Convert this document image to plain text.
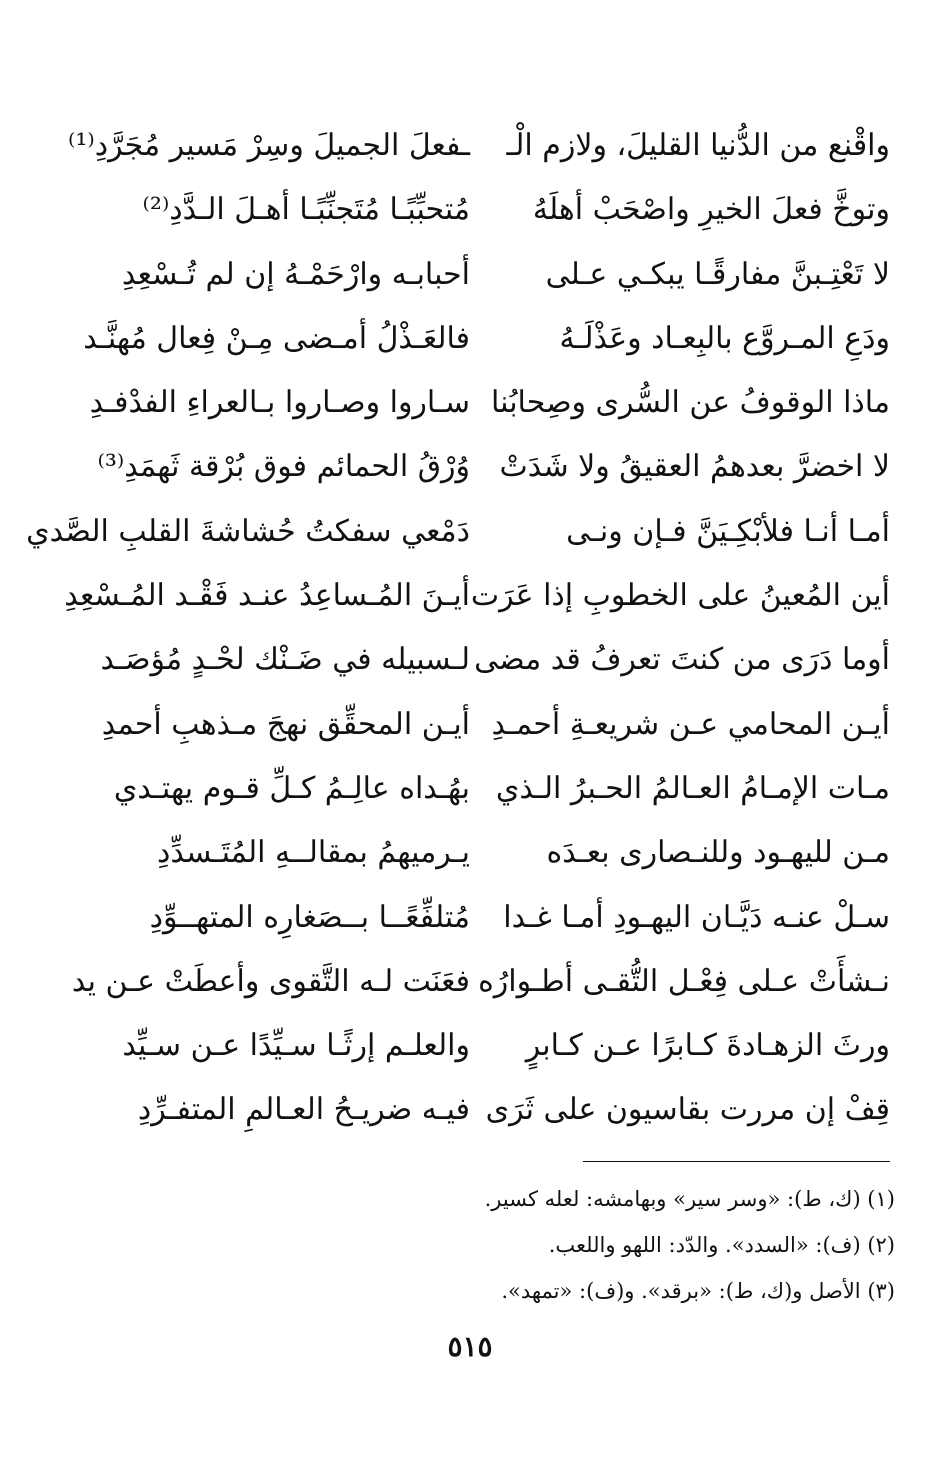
واقْنع من الدُّنيا القليلَ، ولازم الْـ
ـفعلَ الجميلَ وسِرْ مَسير مُجَرَّدِ⁽¹⁾
وتوخَّ فعلَ الخيرِ واصْحَبْ أهلَهُ
مُتحبِّبًـا مُتَجنِّبًـا أهـلَ الـدَّدِ⁽²⁾
لا تَعْتِـبنَّ مفارقًـا يبكـي عـلى
أحبابـه وارْحَمْـهُ إن لم تُـسْعِدِ
ودَعِ المـروَّع بالبِعـاد وعَذْلَـهُ
فالعَـذْلُ أمـضى مِـنْ فِعال مُهنَّـد
ماذا الوقوفُ عن السُّرى وصِحابُنا
سـاروا وصـاروا بـالعراءِ الفدْفـدِ
لا اخضرَّ بعدهمُ العقيقُ ولا شَدَتْ
وُرْقُ الحمائم فوق بُرْقة ثَهمَدِ⁽³⁾
أمـا أنـا فلأبْكِـيَنَّ فـإن ونـى
دَمْعي سفكتُ حُشاشةَ القلبِ الصَّدي
أين المُعينُ على الخطوبِ إذا عَرَت
أيـنَ المُـساعِدُ عنـد فَقْـد المُـسْعِدِ
أوما دَرَى من كنتَ تعرفُ قد مضى
لـسبيله في ضَـنْك لحْـدٍ مُؤصَـد
أيـن المحامي عـن شريعـةِ أحمـدِ
أيـن المحقِّق نهجَ مـذهبِ أحمدِ
مـات الإمـامُ العـالمُ الحـبرُ الـذي
بهُـداه عالِـمُ كـلِّ قـوم يهتـدي
مـن لليهـود وللنـصارى بعـدَه
يـرميهمُ بمقالــهِ المُتَـسدِّدِ
سـلْ عنـه دَيَّـان اليهـودِ أمـا غـدا
مُتلفِّعًــا بــصَغارِه المتهــوِّدِ
نـشأَتْ عـلى فِعْـل التُّقـى أطـوارُه
فعَنَت لـه التَّقوى وأعطَتْ عـن يد
ورثَ الزهـادةَ كـابرًا عـن كـابرٍ
والعلـم إرثًـا سـيِّدًا عـن سـيِّد
قِفْ إن مررت بقاسيون على ثَرَى
فيـه ضريـحُ العـالمِ المتفـرِّدِ
(١) (ك، ط): «وسر سير» وبهامشه: لعله كسير.
(٢) (ف): «السدد». والدّد: اللهو واللعب.
(٣) الأصل و(ك، ط): «برقد». و(ف): «تمهد».
٥١٥
